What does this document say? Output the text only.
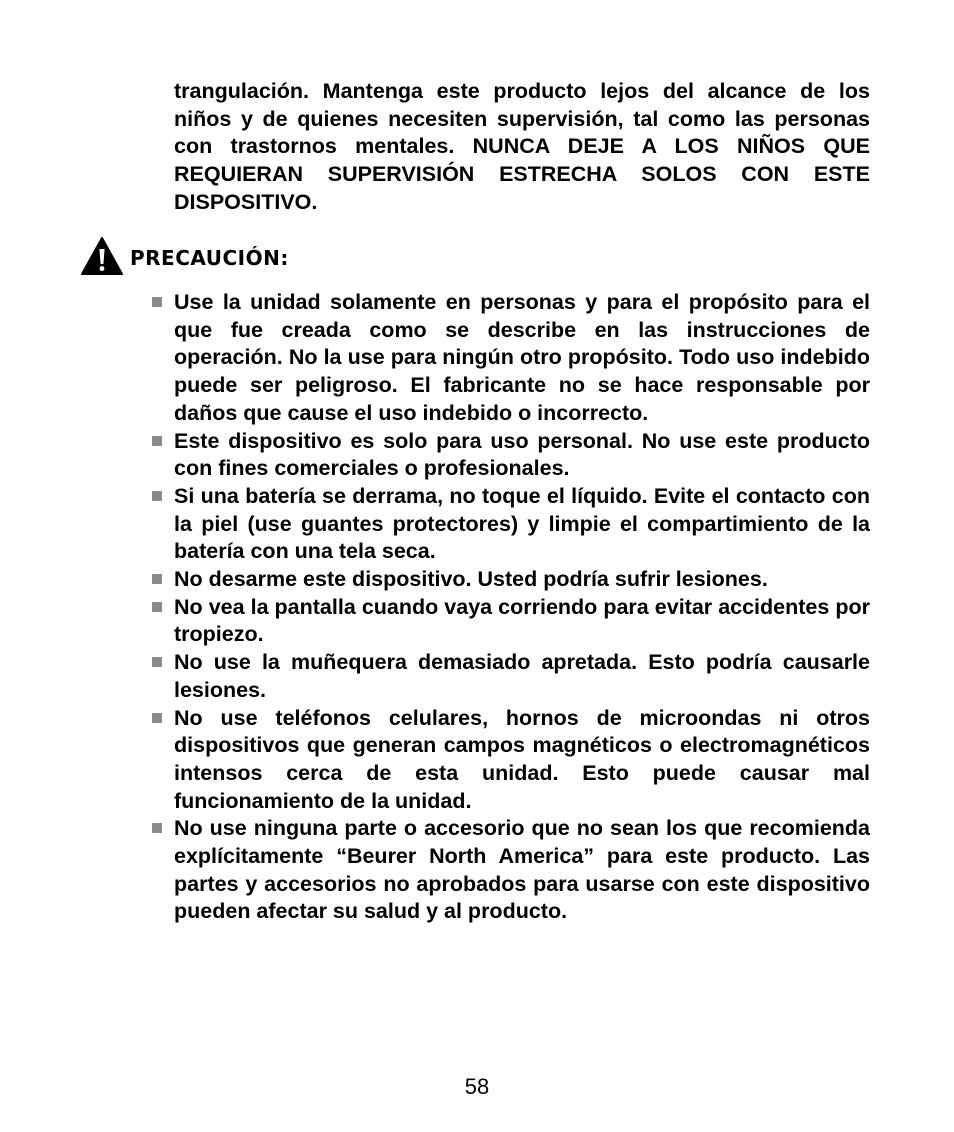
trangulación. Mantenga este producto lejos del alcance de los niños y de quienes necesiten supervisión, tal como las personas con trastornos mentales. NUNCA DEJE A LOS NIÑOS QUE REQUIERAN SUPERVISIÓN ESTRECHA SOLOS CON ESTE DISPOSITIVO.

PRECAUCIÓN:
Use la unidad solamente en personas y para el propósito para el que fue creada como se describe en las instrucciones de operación. No la use para ningún otro propósito. Todo uso indebido puede ser peligroso. El fabricante no se hace responsable por daños que cause el uso indebido o incorrecto.
Este dispositivo es solo para uso personal. No use este producto con fines comerciales o profesionales.
Si una batería se derrama, no toque el líquido. Evite el contacto con la piel (use guantes protectores) y limpie el compartimiento de la batería con una tela seca.
No desarme este dispositivo. Usted podría sufrir lesiones.
No vea la pantalla cuando vaya corriendo para evitar accidentes por tropiezo.
No use la muñequera demasiado apretada. Esto podría causarle lesiones.
No use teléfonos celulares, hornos de microondas ni otros dispositivos que generan campos magnéticos o electromagnéticos intensos cerca de esta unidad. Esto puede causar mal funcionamiento de la unidad.
No use ninguna parte o accesorio que no sean los que recomienda explícitamente “Beurer North America” para este producto. Las partes y accesorios no aprobados para usarse con este dispositivo pueden afectar su salud y al producto.
58
